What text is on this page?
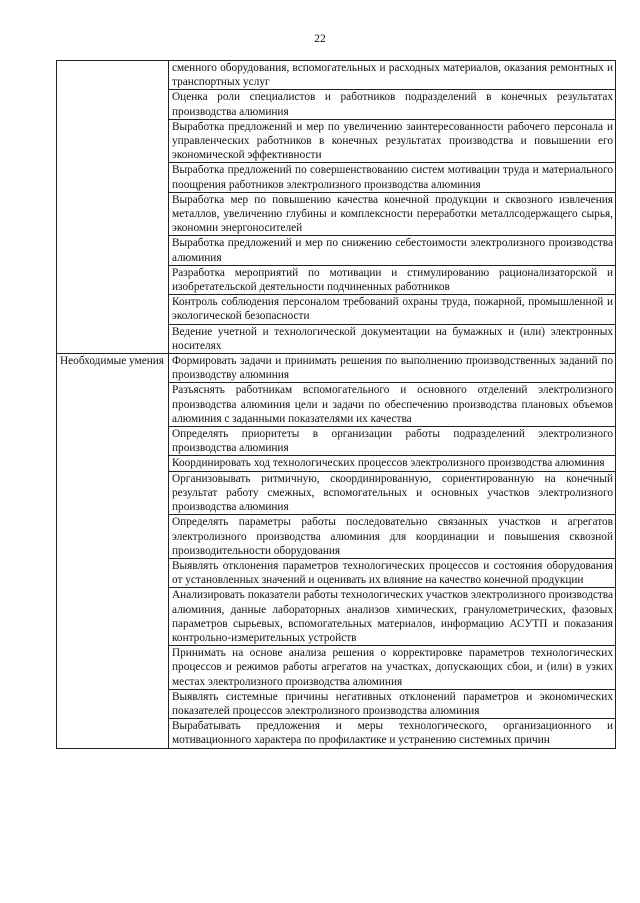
22
	сменного оборудования, вспомогательных и расходных материалов, оказания ремонтных и транспортных услуг
	Оценка роли специалистов и работников подразделений в конечных результатах производства алюминия
	Выработка предложений и мер по увеличению заинтересованности рабочего персонала и управленческих работников в конечных результатах производства и повышении его экономической эффективности
	Выработка предложений по совершенствованию систем мотивации труда и материального поощрения работников электролизного производства алюминия
	Выработка мер по повышению качества конечной продукции и сквозного извлечения металлов, увеличению глубины и комплексности переработки металлсодержащего сырья, экономии энергоносителей
	Выработка предложений и мер по снижению себестоимости электролизного производства алюминия
	Разработка мероприятий по мотивации и стимулированию рационализаторской и изобретательской деятельности подчиненных работников
	Контроль соблюдения персоналом требований охраны труда, пожарной, промышленной и экологической безопасности
	Ведение учетной и технологической документации на бумажных и (или) электронных носителях
Необходимые умения	Формировать задачи и принимать решения по выполнению производственных заданий по производству алюминия
	Разъяснять работникам вспомогательного и основного отделений электролизного производства алюминия цели и задачи по обеспечению производства плановых объемов алюминия с заданными показателями их качества
	Определять приоритеты в организации работы подразделений электролизного производства алюминия
	Координировать ход технологических процессов электролизного производства алюминия
	Организовывать ритмичную, скоординированную, сориентированную на конечный результат работу смежных, вспомогательных и основных участков электролизного производства алюминия
	Определять параметры работы последовательно связанных участков и агрегатов электролизного производства алюминия для координации и повышения сквозной производительности оборудования
	Выявлять отклонения параметров технологических процессов и состояния оборудования от установленных значений и оценивать их влияние на качество конечной продукции
	Анализировать показатели работы технологических участков электролизного производства алюминия, данные лабораторных анализов химических, гранулометрических, фазовых параметров сырьевых, вспомогательных материалов, информацию АСУТП и показания контрольно-измерительных устройств
	Принимать на основе анализа решения о корректировке параметров технологических процессов и режимов работы агрегатов на участках, допускающих сбои, и (или) в узких местах электролизного производства алюминия
	Выявлять системные причины негативных отклонений параметров и экономических показателей процессов электролизного производства алюминия
	Вырабатывать предложения и меры технологического, организационного и мотивационного характера по профилактике и устранению системных причин
